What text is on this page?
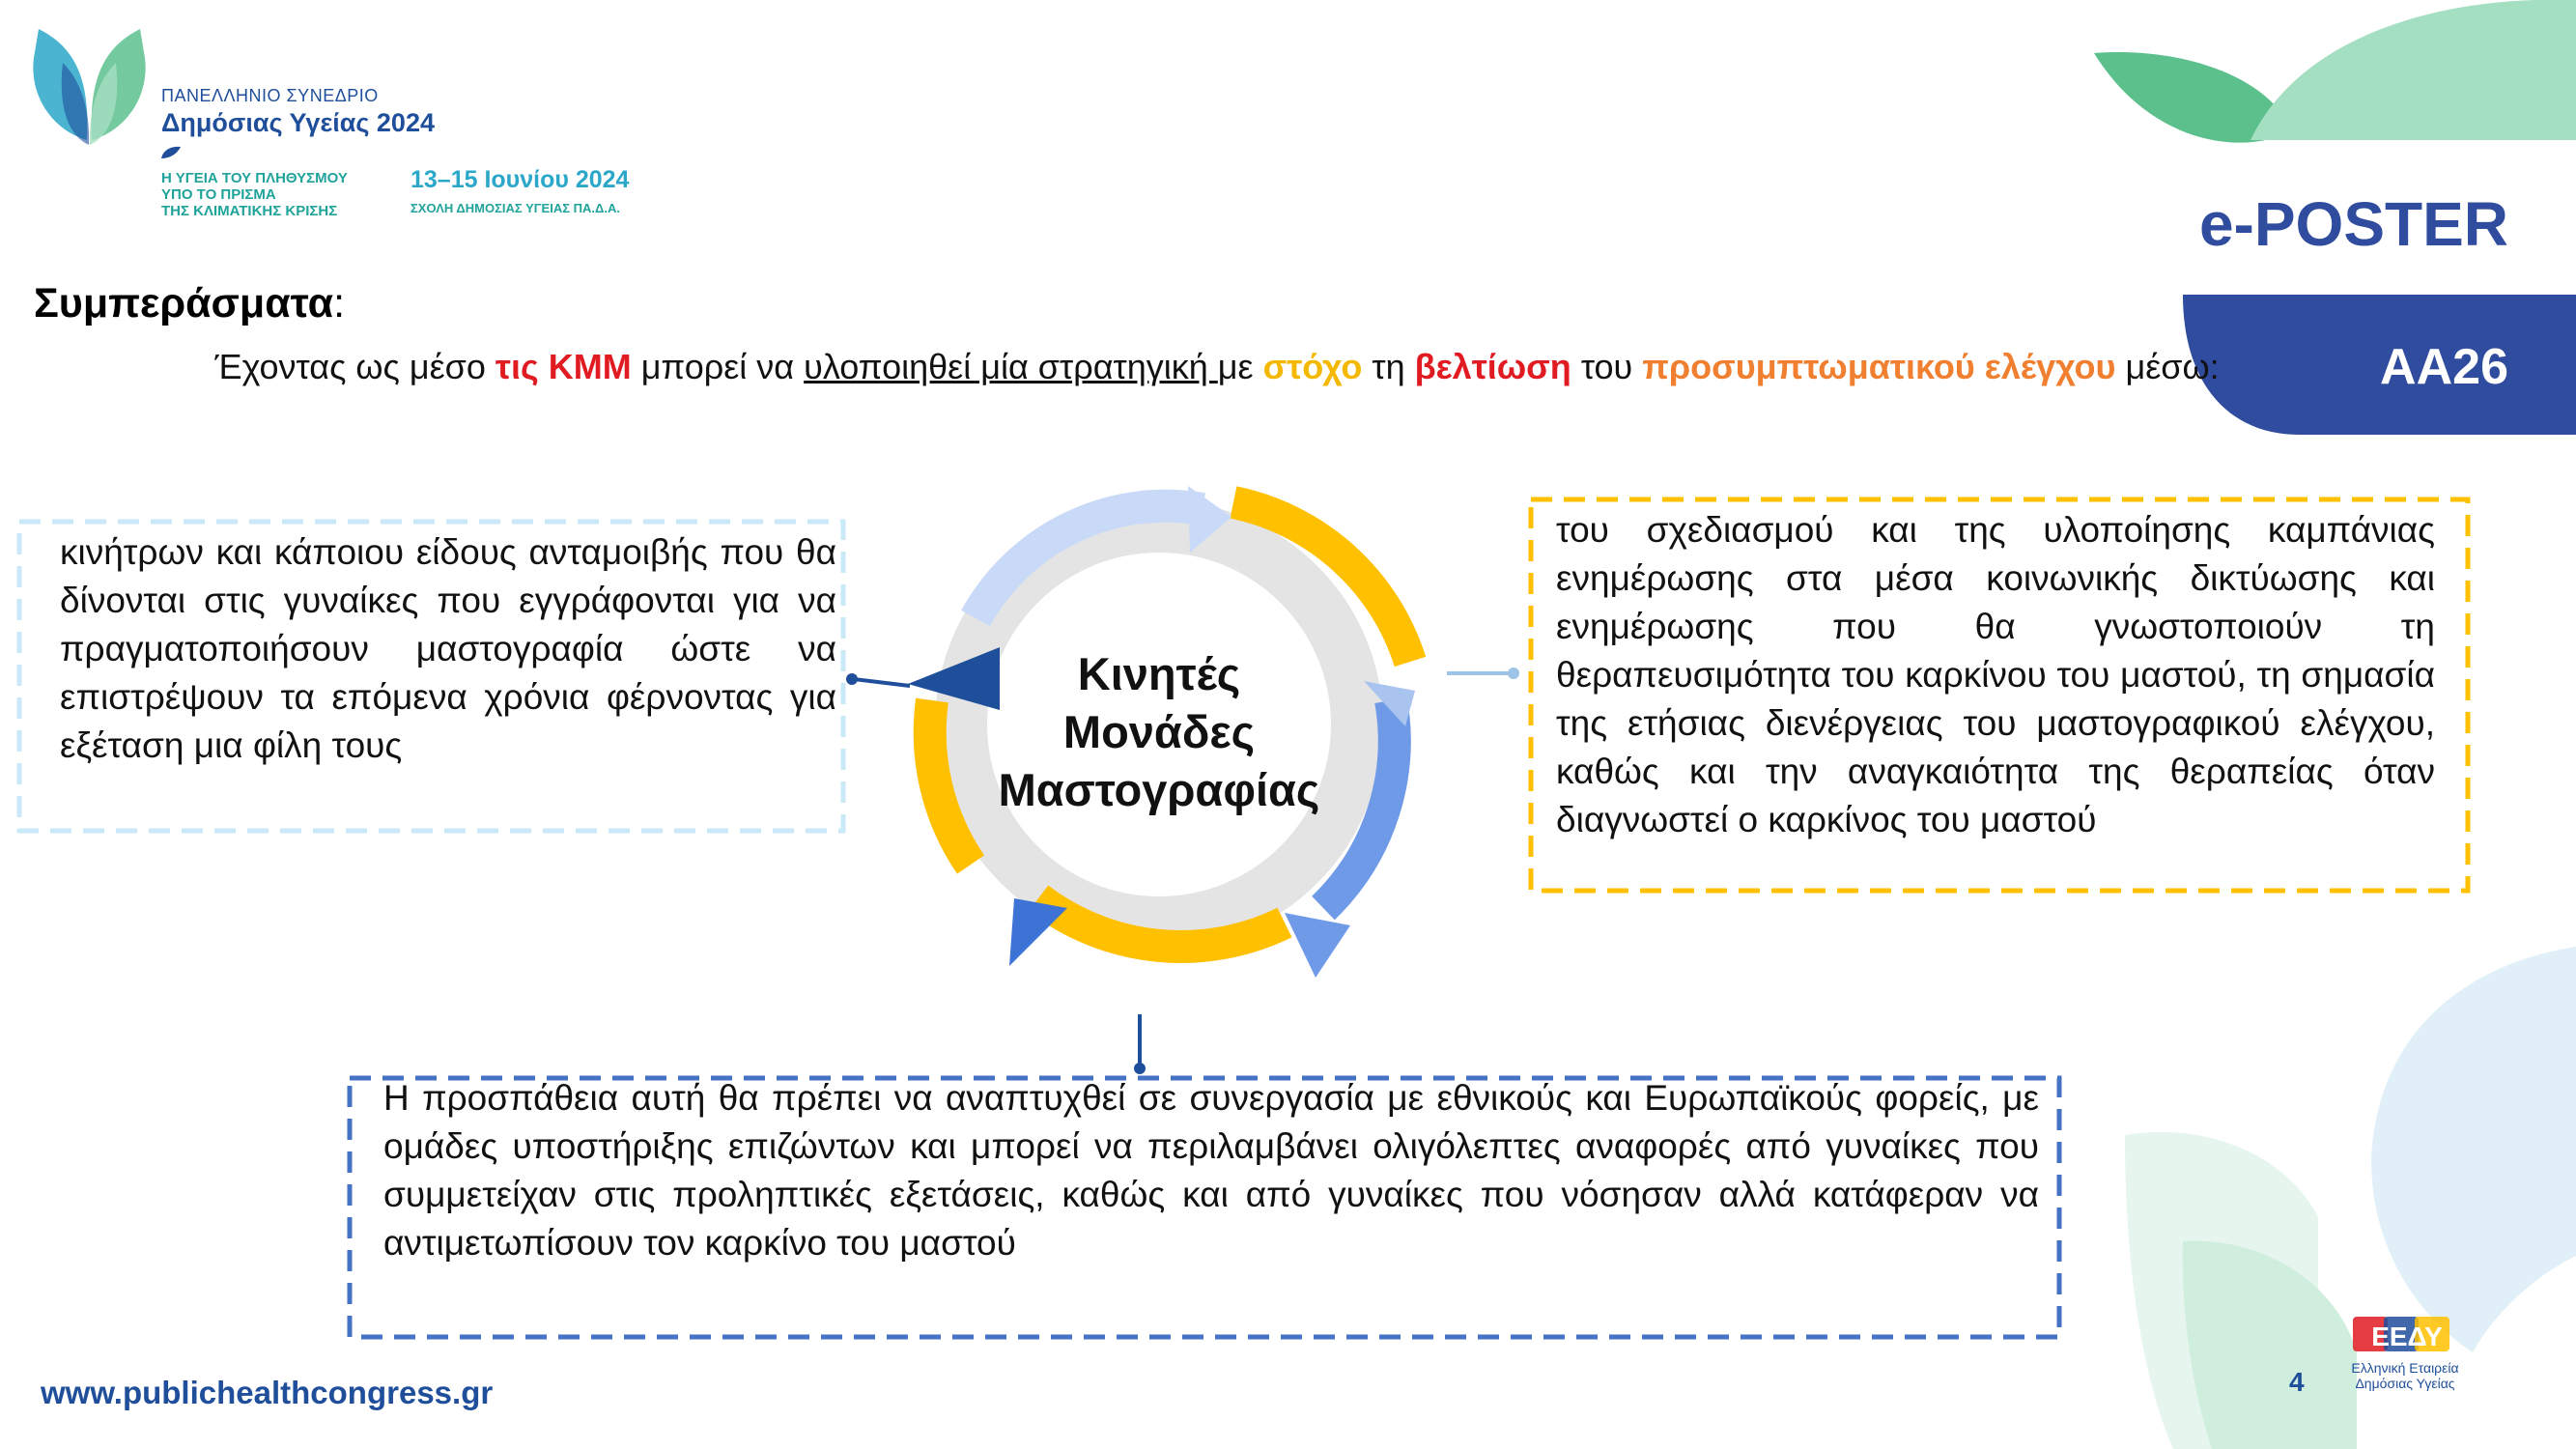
ΠΑΝΕΛΛΗΝΙΟ ΣΥΝΕΔΡΙΟ
Δημόσιας Υγείας 2024
Η ΥΓΕΙΑ ΤΟΥ ΠΛΗΘΥΣΜΟΥ
ΥΠΟ ΤΟ ΠΡΙΣΜΑ
ΤΗΣ ΚΛΙΜΑΤΙΚΗΣ ΚΡΙΣΗΣ
13–15 Ιουνίου 2024
ΣΧΟΛΗ ΔΗΜΟΣΙΑΣ ΥΓΕΙΑΣ ΠΑ.Δ.Α.	e-POSTER
AA26
Συμπεράσματα:
Έχοντας ως μέσο τις ΚΜΜ μπορεί να υλοποιηθεί μία στρατηγική με στόχο τη βελτίωση του προσυμπτωματικού ελέγχου μέσω:
Κινητές
Μονάδες
Μαστογραφίας
κινήτρων και κάποιου είδους ανταμοιβής που θα δίνονται στις γυναίκες που εγγράφονται για να πραγματοποιήσουν μαστογραφία ώστε να επιστρέψουν τα επόμενα χρόνια φέρνοντας για εξέταση μια φίλη τους
του σχεδιασμού και της υλοποίησης καμπάνιας ενημέρωσης στα μέσα κοινωνικής δικτύωσης και ενημέρωσης που θα γνωστοποιούν τη θεραπευσιμότητα του καρκίνου του μαστού, τη σημασία της ετήσιας διενέργειας του μαστογραφικού ελέγχου, καθώς και την αναγκαιότητα της θεραπείας όταν διαγνωστεί ο καρκίνος του μαστού
Η προσπάθεια αυτή θα πρέπει να αναπτυχθεί σε συνεργασία με εθνικούς και Ευρωπαϊκούς φορείς, με ομάδες υποστήριξης επιζώντων και μπορεί να περιλαμβάνει ολιγόλεπτες αναφορές από γυναίκες που συμμετείχαν στις προληπτικές εξετάσεις, καθώς και από γυναίκες που νόσησαν αλλά κατάφεραν να αντιμετωπίσουν τον καρκίνο του μαστού
www.publichealthcongress.gr	4
ΕΕΔΥ
Ελληνική Εταιρεία
Δημόσιας Υγείας
